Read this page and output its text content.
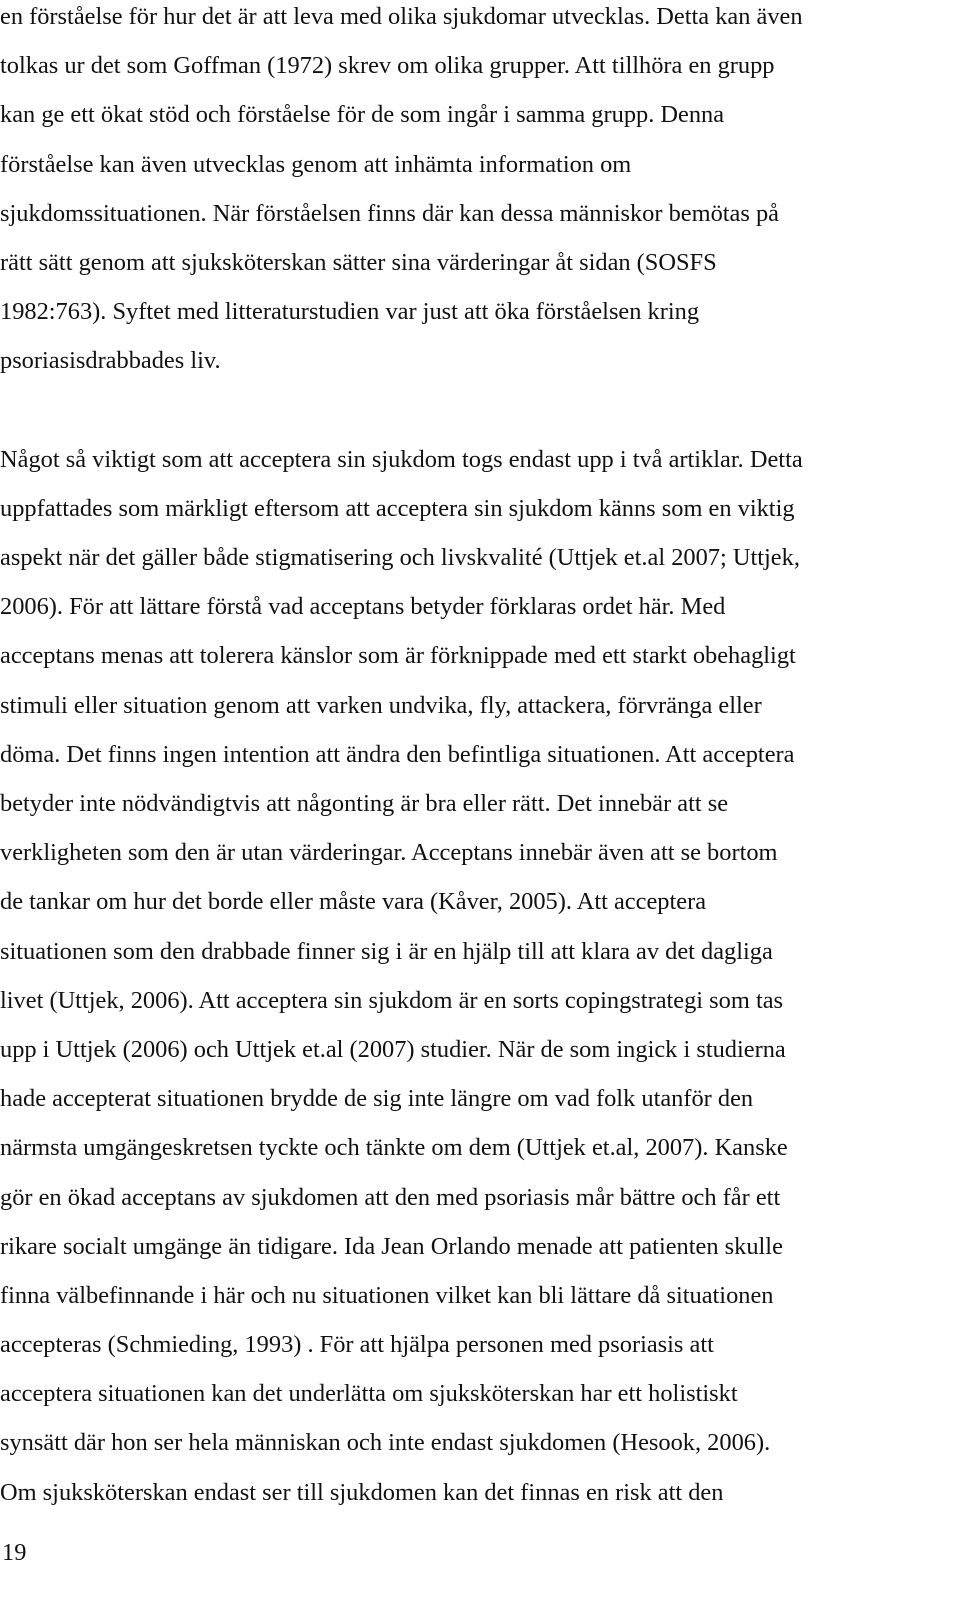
en förståelse för hur det är att leva med olika sjukdomar utvecklas. Detta kan även
tolkas ur det som Goffman (1972) skrev om olika grupper. Att tillhöra en grupp
kan ge ett ökat stöd och förståelse för de som ingår i samma grupp. Denna
förståelse kan även utvecklas genom att inhämta information om
sjukdomssituationen. När förståelsen finns där kan dessa människor bemötas på
rätt sätt genom att sjuksköterskan sätter sina värderingar åt sidan (SOSFS
1982:763). Syftet med litteraturstudien var just att öka förståelsen kring
psoriasisdrabbades liv.
Något så viktigt som att acceptera sin sjukdom togs endast upp i två artiklar. Detta
uppfattades som märkligt eftersom att acceptera sin sjukdom känns som en viktig
aspekt när det gäller både stigmatisering och livskvalité (Uttjek et.al 2007; Uttjek,
2006). För att lättare förstå vad acceptans betyder förklaras ordet här. Med
acceptans menas att tolerera känslor som är förknippade med ett starkt obehagligt
stimuli eller situation genom att varken undvika, fly, attackera, förvränga eller
döma. Det finns ingen intention att ändra den befintliga situationen. Att acceptera
betyder inte nödvändigtvis att någonting är bra eller rätt. Det innebär att se
verkligheten som den är utan värderingar. Acceptans innebär även att se bortom
de tankar om hur det borde eller måste vara (Kåver, 2005). Att acceptera
situationen som den drabbade finner sig i är en hjälp till att klara av det dagliga
livet (Uttjek, 2006). Att acceptera sin sjukdom är en sorts copingstrategi som tas
upp i Uttjek (2006) och Uttjek et.al (2007) studier. När de som ingick i studierna
hade accepterat situationen brydde de sig inte längre om vad folk utanför den
närmsta umgängeskretsen tyckte och tänkte om dem (Uttjek et.al, 2007). Kanske
gör en ökad acceptans av sjukdomen att den med psoriasis mår bättre och får ett
rikare socialt umgänge än tidigare. Ida Jean Orlando menade att patienten skulle
finna välbefinnande i här och nu situationen vilket kan bli lättare då situationen
accepteras (Schmieding, 1993) . För att hjälpa personen med psoriasis att
acceptera situationen kan det underlätta om sjuksköterskan har ett holistiskt
synsätt där hon ser hela människan och inte endast sjukdomen (Hesook, 2006).
Om sjuksköterskan endast ser till sjukdomen kan det finnas en risk att den
19
